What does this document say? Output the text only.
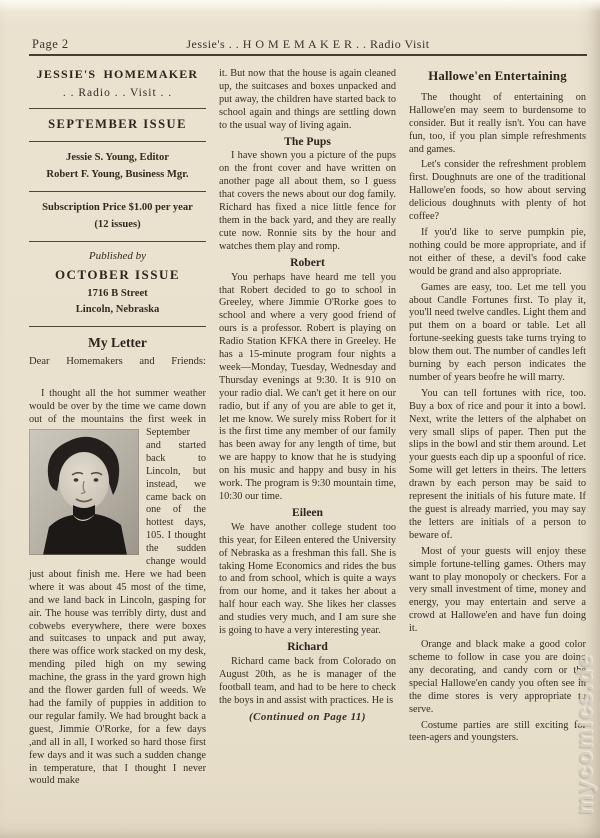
Page 2	Jessie's . . H O M E M A K E R . . Radio Visit
JESSIE'S HOMEMAKER
. . Radio . . Visit . .
SEPTEMBER ISSUE
Jessie S. Young, Editor
Robert F. Young, Business Mgr.
Subscription Price $1.00 per year
(12 issues)
Published by
OCTOBER ISSUE
1716 B Street
Lincoln, Nebraska
My Letter
Dear Homemakers and Friends:

I thought all the hot summer weather would be over by the time we came down out of the mountains the first week in September
and started back to Lincoln, but instead, we came back on one of the hottest days, 105. I thought the sudden change would just about finish me. Here we had been where it was about 45 most of the time, and we land back in Lincoln, gasping for air. The house was terribly dirty, dust and cobwebs everywhere, there were boxes and suitcases to unpack and put away, there was office work stacked on my desk, mending piled high on my sewing machine, the grass in the yard grown high and the flower garden full of weeds. We had the family of puppies in addition to our regular family. We had brought back a guest, Jimmie O'Rorke, for a few days ,and all in all, I worked so hard those first few days and it was such a sudden change in temperature, that I thought I never would make

it. But now that the house is again cleaned up, the suitcases and boxes unpacked and put away, the children have started back to school again and things are settling down to the usual way of living again.

The Pups

I have shown you a picture of the pups on the front cover and have written on another page all about them, so I guess that covers the news about our dog family. Richard has fixed a nice little fence for them in the back yard, and they are really cute now. Ronnie sits by the hour and watches them play and romp.

Robert

You perhaps have heard me tell you that Robert decided to go to school in Greeley, where Jimmie O'Rorke goes to school and where a very good friend of ours is a professor. Robert is playing on Radio Station KFKA there in Greeley. He has a 15-minute program four nights a week—Monday, Tuesday, Wednesday and Thursday evenings at 9:30. It is 910 on your radio dial. We can't get it here on our radio, but if any of you are able to get it, let me know. We surely miss Robert for it is the first time any member of our family has been away for any length of time, but we are happy to know that he is studying on his music and happy and busy in his work. The program is 9:30 mountain time, 10:30 our time.

Eileen

We have another college student too this year, for Eileen entered the University of Nebraska as a freshman this fall. She is taking Home Economics and rides the bus to and from school, which is quite a ways from our home, and it takes her about a half hour each way. She likes her classes and studies very much, and I am sure she is going to have a very interesting year.

Richard

Richard came back from Colorado on August 20th, as he is manager of the football team, and had to be here to check the boys in and assist with practices. He is

(Continued on Page 11)
Hallowe'en Entertaining

The thought of entertaining on Hallowe'en may seem to burdensome to consider. But it really isn't. You can have fun, too, if you plan simple refreshments and games.

Let's consider the refreshment problem first. Doughnuts are one of the traditional Hallowe'en foods, so how about serving delicious doughnuts with plenty of hot coffee?

If you'd like to serve pumpkin pie, nothing could be more appropriate, and if not either of these, a devil's food cake would be grand and also appropriate.

Games are easy, too. Let me tell you about Candle Fortunes first. To play it, you'll need twelve candles. Light them and put them on a board or table. Let all fortune-seeking guests take turns trying to blow them out. The number of candles left burning by each person indicates the number of years beofre he will marry.

You can tell fortunes with rice, too. Buy a box of rice and pour it into a bowl. Next, write the letters of the alphabet on very small slips of paper. Then put the slips in the bowl and stir them around. Let your guests each dip up a spoonful of rice. Some will get letters in theirs. The letters drawn by each person may be said to represent the initials of his future mate. If the guest is already married, you may say the letters are initials of a person to beware of.

Most of your guests will enjoy these simple fortune-telling games. Others may want to play monopoly or checkers. For a very small investment of time, money and energy, you may entertain and serve a crowd at Hallowe'en and have fun doing it.

Orange and black make a good color scheme to follow in case you are doing any decorating, and candy corn or the special Hallowe'en candy you often see in the dime stores is very appropriate to serve.

Costume parties are still exciting for teen-agers and youngsters.	mycomics.de
